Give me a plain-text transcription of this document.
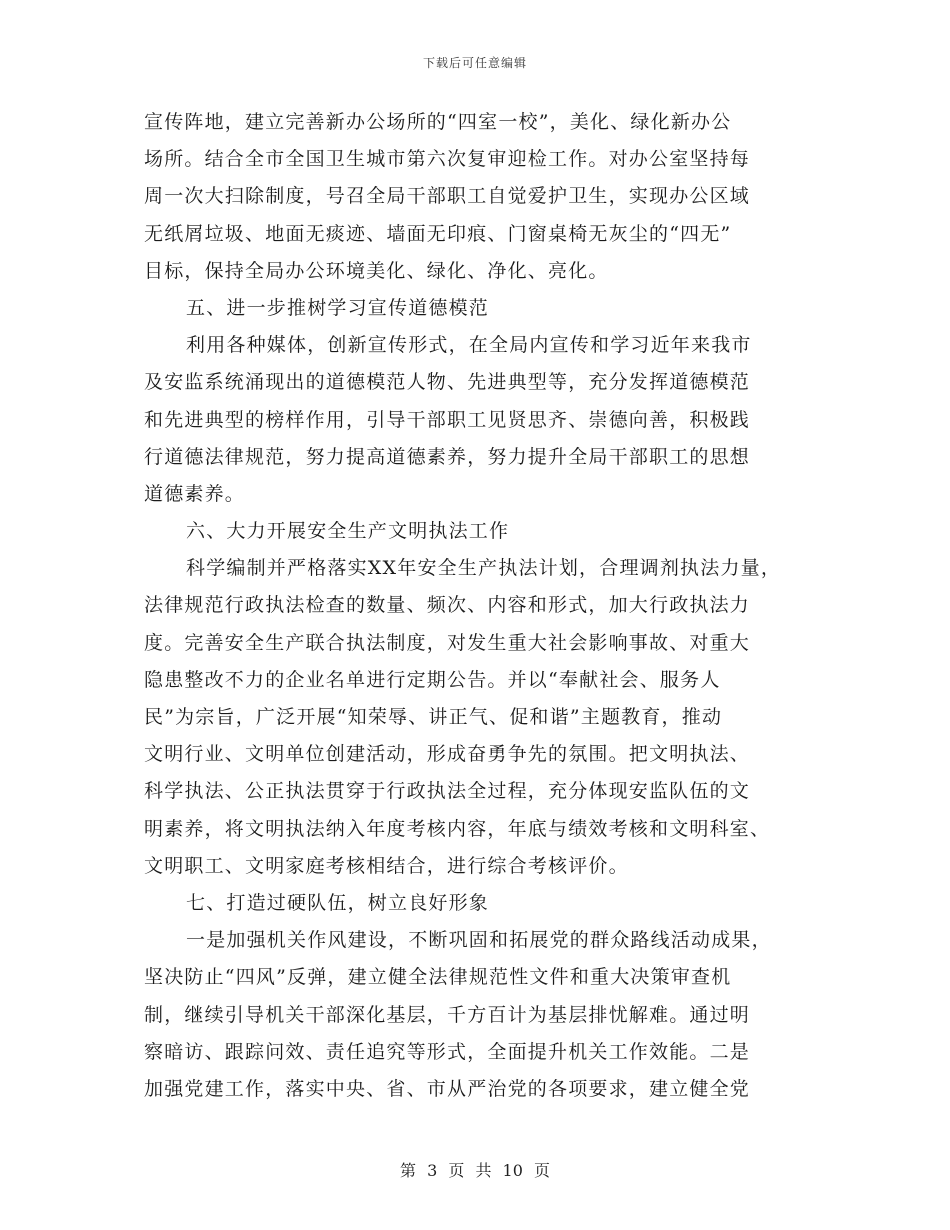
下载后可任意编辑
宣传阵地，建立完善新办公场所的“四室一校”，美化、绿化新办公
场所。结合全市全国卫生城市第六次复审迎检工作。对办公室坚持每
周一次大扫除制度，号召全局干部职工自觉爱护卫生，实现办公区域
无纸屑垃圾、地面无痰迹、墙面无印痕、门窗桌椅无灰尘的“四无”
目标，保持全局办公环境美化、绿化、净化、亮化。
五、进一步推树学习宣传道德模范
利用各种媒体，创新宣传形式，在全局内宣传和学习近年来我市
及安监系统涌现出的道德模范人物、先进典型等，充分发挥道德模范
和先进典型的榜样作用，引导干部职工见贤思齐、崇德向善，积极践
行道德法律规范，努力提高道德素养，努力提升全局干部职工的思想
道德素养。
六、大力开展安全生产文明执法工作
科学编制并严格落实XX年安全生产执法计划，合理调剂执法力量，
法律规范行政执法检查的数量、频次、内容和形式，加大行政执法力
度。完善安全生产联合执法制度，对发生重大社会影响事故、对重大
隐患整改不力的企业名单进行定期公告。并以“奉献社会、服务人
民”为宗旨，广泛开展“知荣辱、讲正气、促和谐”主题教育，推动
文明行业、文明单位创建活动，形成奋勇争先的氛围。把文明执法、
科学执法、公正执法贯穿于行政执法全过程，充分体现安监队伍的文
明素养，将文明执法纳入年度考核内容，年底与绩效考核和文明科室、
文明职工、文明家庭考核相结合，进行综合考核评价。
七、打造过硬队伍，树立良好形象
一是加强机关作风建设，不断巩固和拓展党的群众路线活动成果，
坚决防止“四风”反弹，建立健全法律规范性文件和重大决策审查机
制，继续引导机关干部深化基层，千方百计为基层排忧解难。通过明
察暗访、跟踪问效、责任追究等形式，全面提升机关工作效能。二是
加强党建工作，落实中央、省、市从严治党的各项要求，建立健全党
第 3 页 共 10 页
